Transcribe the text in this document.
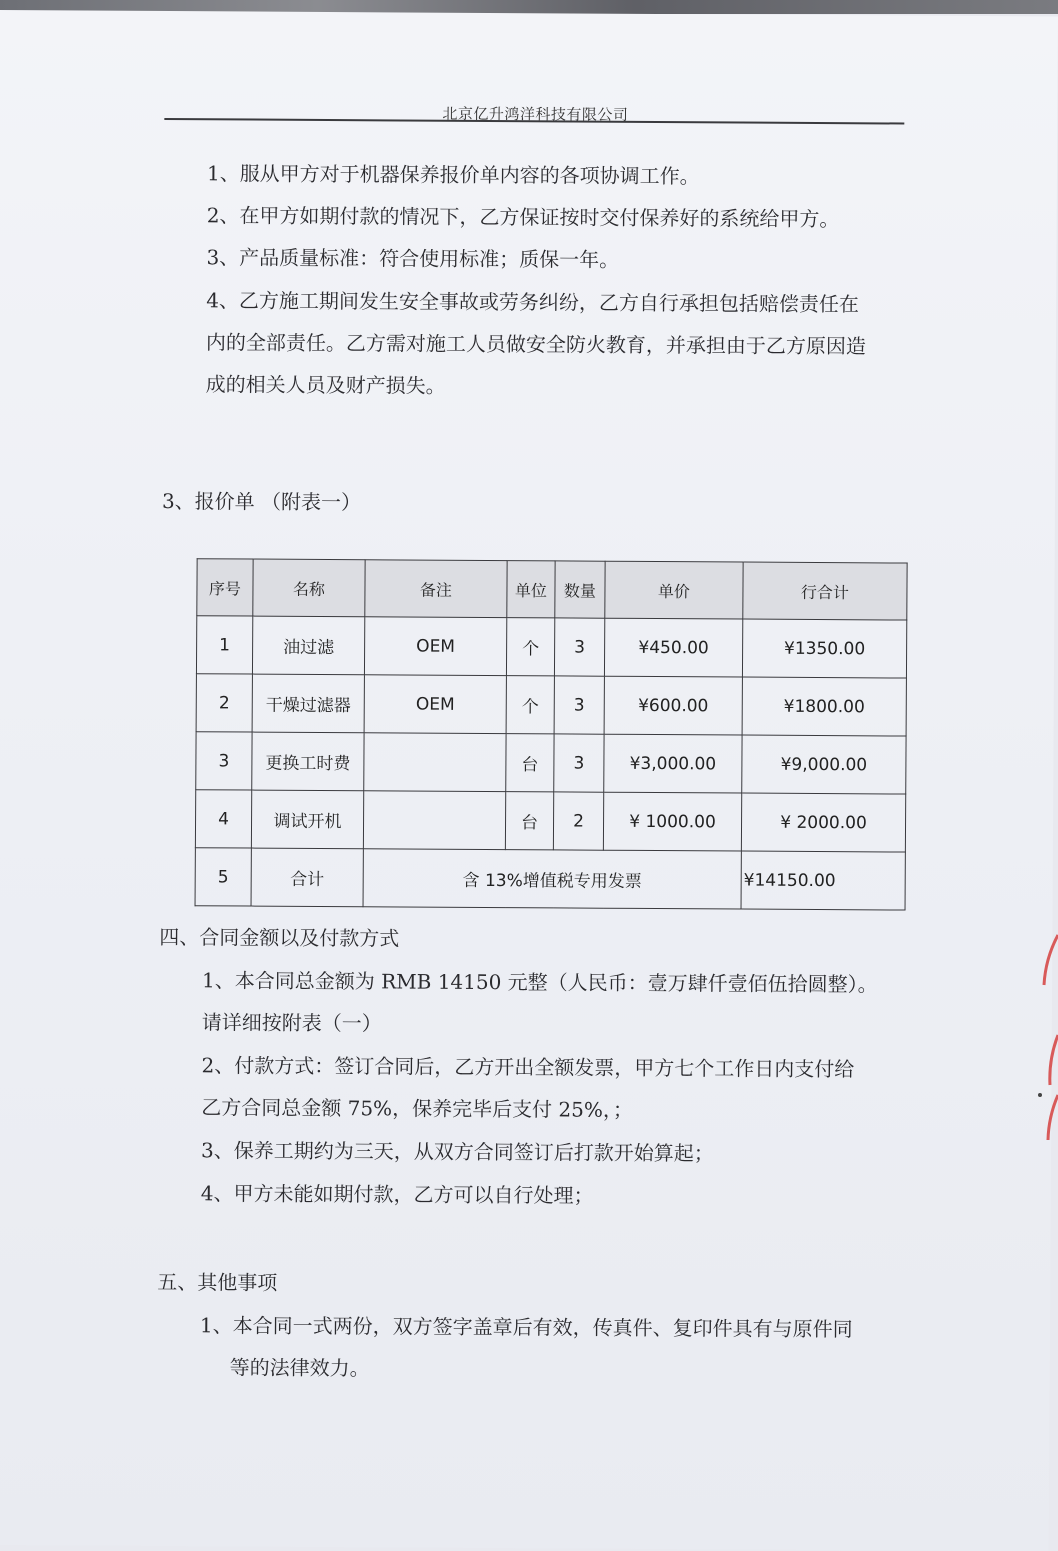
北京亿升鸿洋科技有限公司
1、服从甲方对于机器保养报价单内容的各项协调工作。
2、在甲方如期付款的情况下，乙方保证按时交付保养好的系统给甲方。
3、产品质量标准：符合使用标准；质保一年。
4、乙方施工期间发生安全事故或劳务纠纷，乙方自行承担包括赔偿责任在
内的全部责任。乙方需对施工人员做安全防火教育，并承担由于乙方原因造
成的相关人员及财产损失。
3、报价单 （附表一）
序号	名称	备注	单位	数量	单价	行合计
1	油过滤	OEM	个	3	¥450.00	¥1350.00
2	干燥过滤器	OEM	个	3	¥600.00	¥1800.00
3	更换工时费		台	3	¥3,000.00	¥9,000.00
4	调试开机		台	2	¥ 1000.00	¥ 2000.00
5	合计	含 13%增值税专用发票				¥14150.00
四、合同金额以及付款方式
1、本合同总金额为 RMB 14150 元整（人民币：壹万肆仟壹佰伍拾圆整）。
请详细按附表（一）
2、付款方式：签订合同后，乙方开出全额发票，甲方七个工作日内支付给
乙方合同总金额 75%，保养完毕后支付 25%，；
3、保养工期约为三天，从双方合同签订后打款开始算起；
4、甲方未能如期付款，乙方可以自行处理；
五、其他事项
1、本合同一式两份，双方签字盖章后有效，传真件、复印件具有与原件同
等的法律效力。
